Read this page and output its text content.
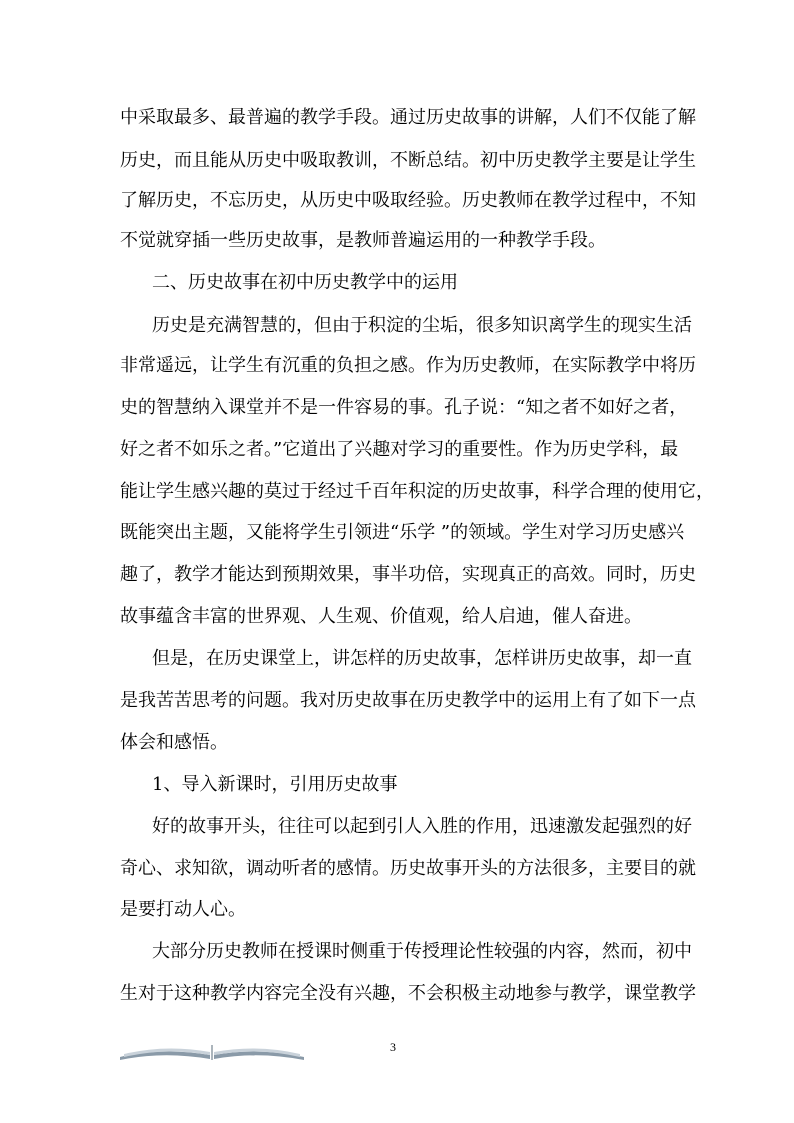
中采取最多、最普遍的教学手段。通过历史故事的讲解，人们不仅能了解
历史，而且能从历史中吸取教训，不断总结。初中历史教学主要是让学生
了解历史，不忘历史，从历史中吸取经验。历史教师在教学过程中，不知
不觉就穿插一些历史故事，是教师普遍运用的一种教学手段。
二、历史故事在初中历史教学中的运用
历史是充满智慧的，但由于积淀的尘垢，很多知识离学生的现实生活
非常遥远，让学生有沉重的负担之感。作为历史教师，在实际教学中将历
史的智慧纳入课堂并不是一件容易的事。孔子说：“知之者不如好之者，
好之者不如乐之者。”它道出了兴趣对学习的重要性。作为历史学科，最
能让学生感兴趣的莫过于经过千百年积淀的历史故事，科学合理的使用它，
既能突出主题，又能将学生引领进“乐学 ”的领域。学生对学习历史感兴
趣了，教学才能达到预期效果，事半功倍，实现真正的高效。同时，历史
故事蕴含丰富的世界观、人生观、价值观，给人启迪，催人奋进。
但是，在历史课堂上，讲怎样的历史故事，怎样讲历史故事，却一直
是我苦苦思考的问题。我对历史故事在历史教学中的运用上有了如下一点
体会和感悟。
1、导入新课时，引用历史故事
好的故事开头，往往可以起到引人入胜的作用，迅速激发起强烈的好
奇心、求知欲，调动听者的感情。历史故事开头的方法很多，主要目的就
是要打动人心。
大部分历史教师在授课时侧重于传授理论性较强的内容，然而，初中
生对于这种教学内容完全没有兴趣，不会积极主动地参与教学，课堂教学
3
